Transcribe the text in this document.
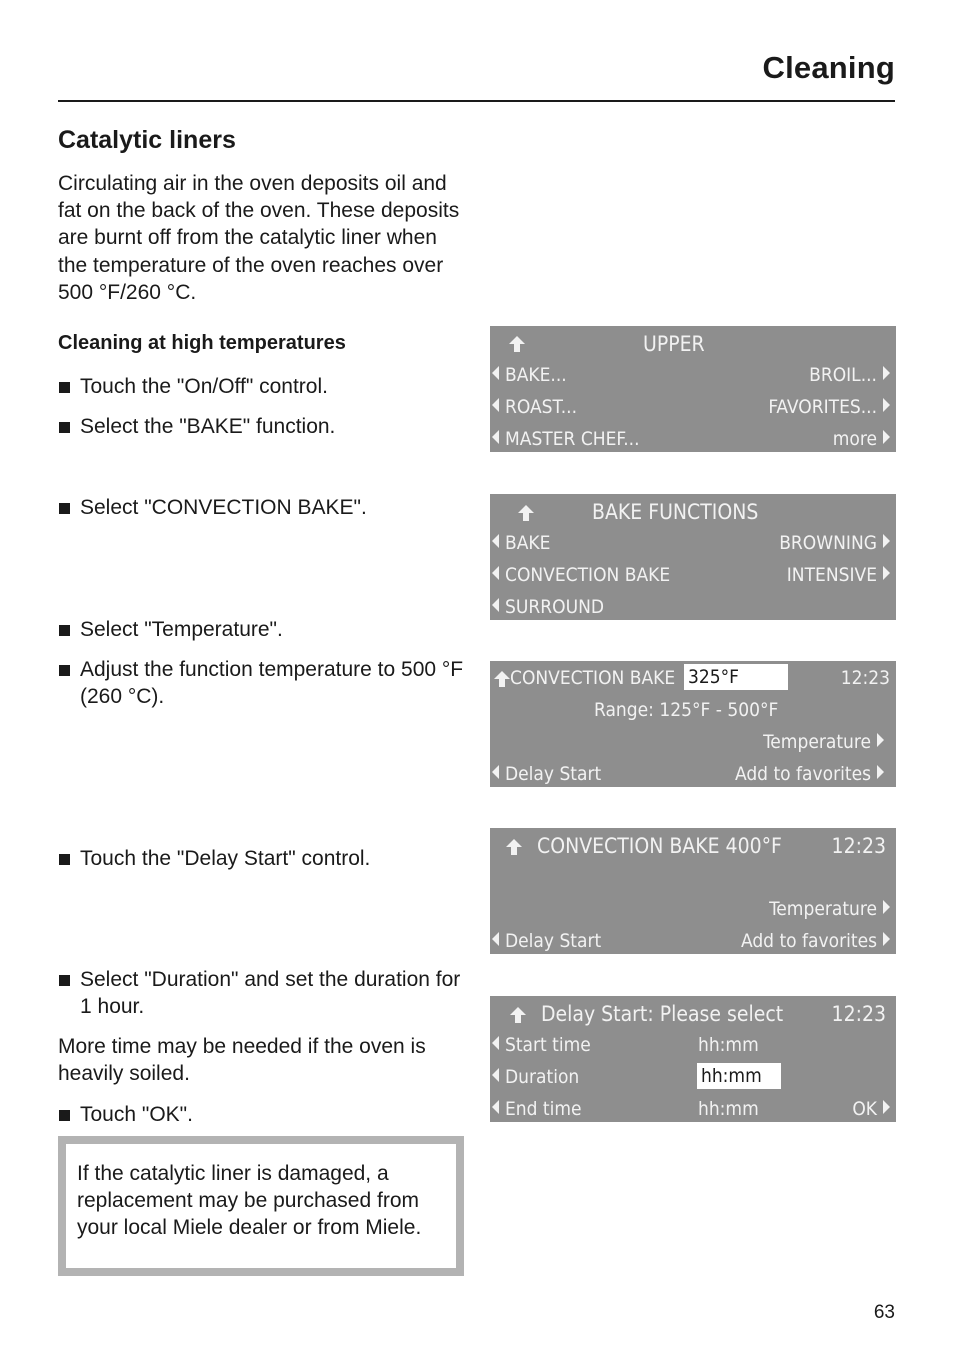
Cleaning
Catalytic liners
Circulating air in the oven deposits oil and fat on the back of the oven. These deposits are burnt off from the catalytic liner when the temperature of the oven reaches over 500 °F/260 °C.
Cleaning at high temperatures
Touch the "On/Off" control.
Select the "BAKE" function.
Select "CONVECTION BAKE".
Select "Temperature".
Adjust the function temperature to 500 °F (260 °C).
Touch the "Delay Start" control.
Select "Duration" and set the duration for 1 hour.
More time may be needed if the oven is heavily soiled.
Touch "OK".
If the catalytic liner is damaged, a replacement may be purchased from your local Miele dealer or from Miele.
63
UPPER
BAKE...	BROIL...
ROAST...	FAVORITES...
MASTER CHEF...	more
BAKE FUNCTIONS
BAKE	BROWNING
CONVECTION BAKE	INTENSIVE
SURROUND
CONVECTION BAKE 325°F	12:23
Range: 125°F - 500°F
Temperature
Delay Start	Add to favorites
CONVECTION BAKE 400°F 12:23
Temperature
Delay Start	Add to favorites
Delay Start: Please select 12:23
Start time	hh:mm
Duration	hh:mm
End time	hh:mm	OK
